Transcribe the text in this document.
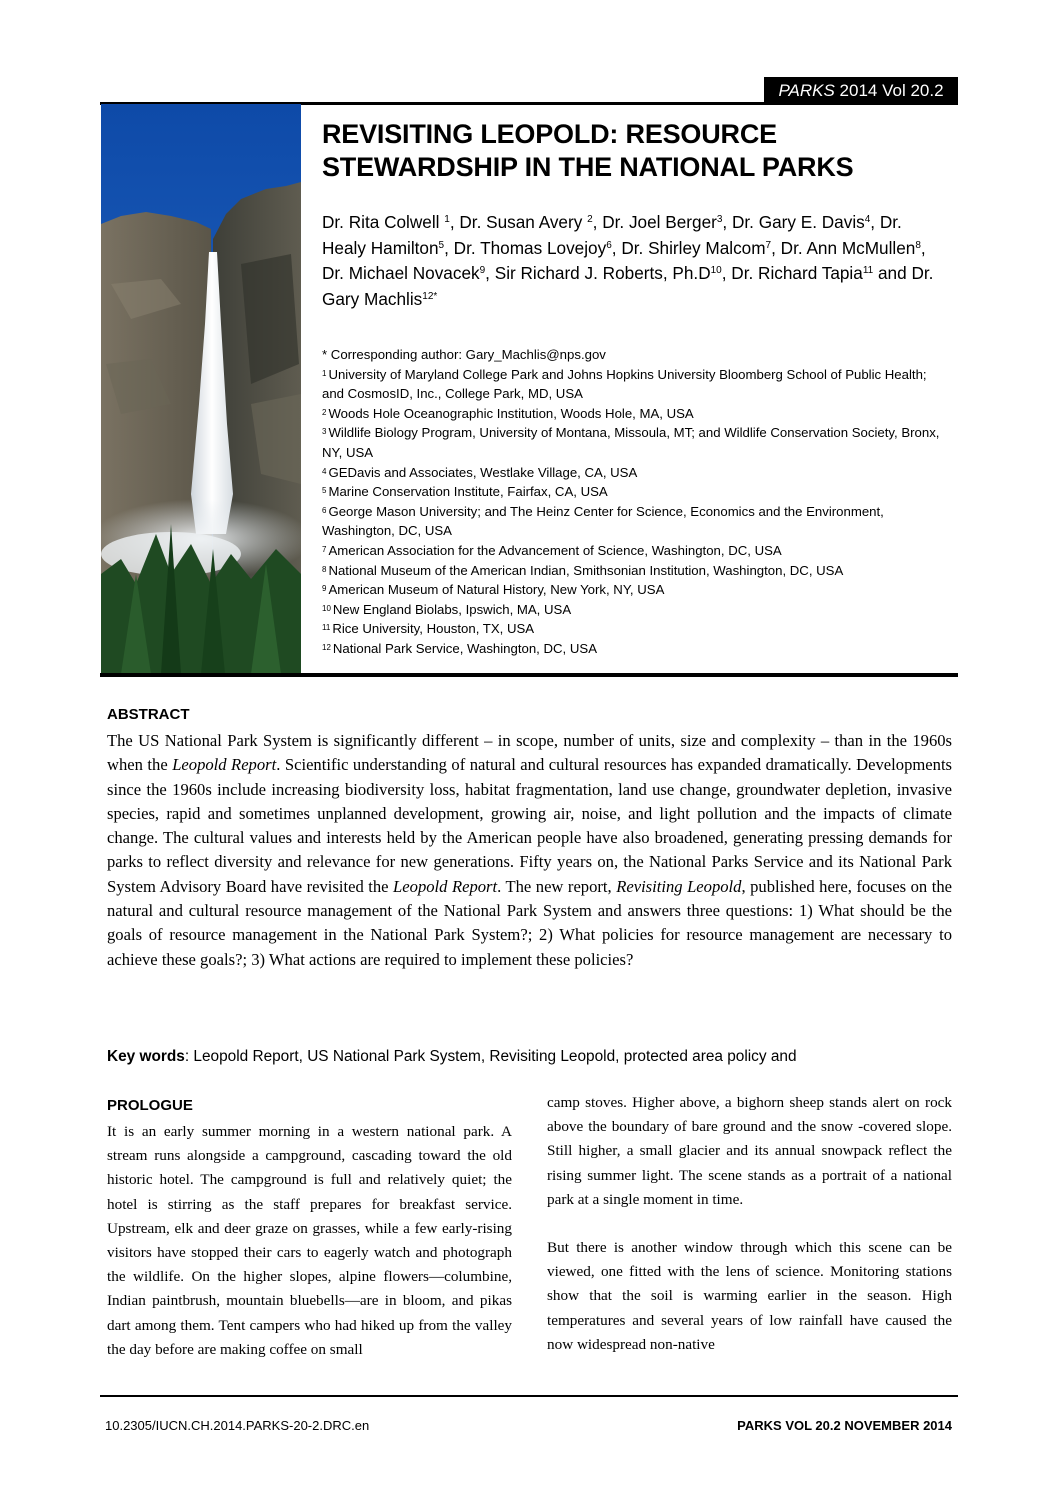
PARKS 2014 Vol 20.2
REVISITING LEOPOLD: RESOURCE
STEWARDSHIP IN THE NATIONAL PARKS
Dr. Rita Colwell $^1$, Dr. Susan Avery $^2$, Dr. Joel Berger$^3$, Dr. Gary E. Davis$^4$, Dr. Healy Hamilton$^5$, Dr. Thomas Lovejoy$^6$, Dr. Shirley Malcom$^7$, Dr. Ann McMullen$^8$, Dr. Michael Novacek$^9$, Sir Richard J. Roberts, $Ph.D^{10}$, Dr. Richard Tapia$^{11}$ and Dr. Gary Machlis$^{12*}$
* Corresponding author: Gary_Machlis@nps.gov
$^1$ University of Maryland College Park and Johns Hopkins University Bloomberg School of Public Health; and CosmosID, Inc., College Park, MD, USA
$^2$ Woods Hole Oceanographic Institution, Woods Hole, MA, USA
$^3$ Wildlife Biology Program, University of Montana, Missoula, MT; and Wildlife Conservation Society, Bronx, NY, USA
$^4$ GEDavis and Associates, Westlake Village, CA, USA
$^5$ Marine Conservation Institute, Fairfax, CA, USA
$^6$ George Mason University; and The Heinz Center for Science, Economics and the Environment, Washington, DC, USA
$^7$ American Association for the Advancement of Science, Washington, DC, USA
$^8$ National Museum of the American Indian, Smithsonian Institution, Washington, DC, USA
$^9$ American Museum of Natural History, New York, NY, USA
$^{10}$ New England Biolabs, Ipswich, MA, USA
$^{11}$ Rice University, Houston, TX, USA
$^{12}$ National Park Service, Washington, DC, USA
ABSTRACT
The US National Park System is significantly different – in scope, number of units, size and complexity – than in the 1960s when the Leopold Report. Scientific understanding of natural and cultural resources has expanded dramatically. Developments since the 1960s include increasing biodiversity loss, habitat fragmentation, land use change, groundwater depletion, invasive species, rapid and sometimes unplanned development, growing air, noise, and light pollution and the impacts of climate change. The cultural values and interests held by the American people have also broadened, generating pressing demands for parks to reflect diversity and relevance for new generations. Fifty years on, the National Parks Service and its National Park System Advisory Board have revisited the Leopold Report. The new report, Revisiting Leopold, published here, focuses on the natural and cultural resource management of the National Park System and answers three questions: 1) What should be the goals of resource management in the National Park System?; 2) What policies for resource management are necessary to achieve these goals?; 3) What actions are required to implement these policies?
Key words: Leopold Report, US National Park System, Revisiting Leopold, protected area policy and
PROLOGUE
It is an early summer morning in a western national park. A stream runs alongside a campground, cascading toward the old historic hotel. The campground is full and relatively quiet; the hotel is stirring as the staff prepares for breakfast service. Upstream, elk and deer graze on grasses, while a few early-rising visitors have stopped their cars to eagerly watch and photograph the wildlife. On the higher slopes, alpine flowers—columbine, Indian paintbrush, mountain bluebells—are in bloom, and pikas dart among them. Tent campers who had hiked up from the valley the day before are making coffee on small

camp stoves. Higher above, a bighorn sheep stands alert on rock above the boundary of bare ground and the snow -covered slope. Still higher, a small glacier and its annual snowpack reflect the rising summer light. The scene stands as a portrait of a national park at a single moment in time.

But there is another window through which this scene can be viewed, one fitted with the lens of science. Monitoring stations show that the soil is warming earlier in the season. High temperatures and several years of low rainfall have caused the now widespread non-native

10.2305/IUCN.CH.2014.PARKS-20-2.DRC.en	PARKS VOL 20.2 NOVEMBER 2014
